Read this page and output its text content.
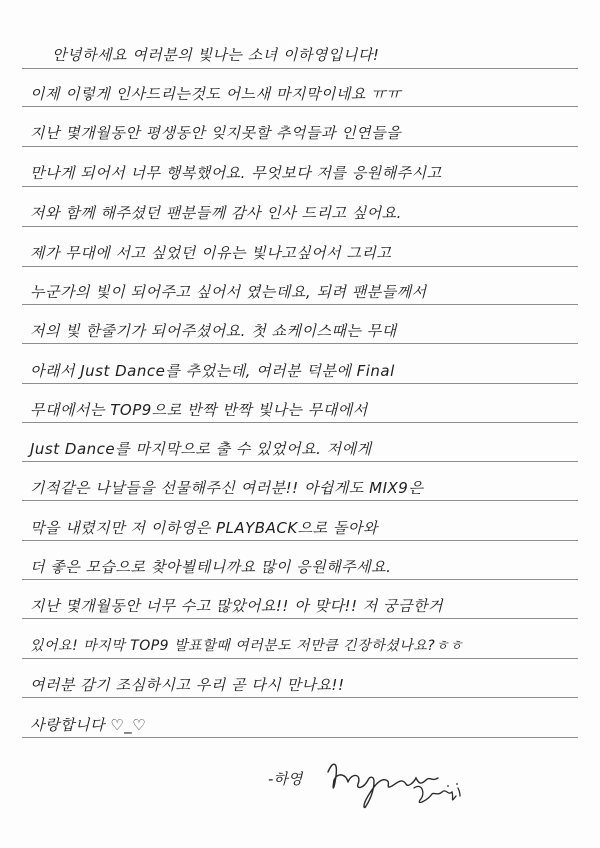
안녕하세요 여러분의 빛나는 소녀 이하영입니다!
이제 이렇게 인사드리는것도 어느새 마지막이네요 ㅠㅠ
지난 몇개월동안 평생동안 잊지못할 추억들과 인연들을
만나게 되어서 너무 행복했어요. 무엇보다 저를 응원해주시고
저와 함께 해주셨던 팬분들께 감사 인사 드리고 싶어요.
제가 무대에 서고 싶었던 이유는 빛나고싶어서 그리고
누군가의 빛이 되어주고 싶어서 였는데요, 되려 팬분들께서
저의 빛 한줄기가 되어주셨어요. 첫 쇼케이스때는 무대
아래서 Just Dance를 추었는데, 여러분 덕분에 Final
무대에서는 TOP9으로 반짝 반짝 빛나는 무대에서
Just Dance를 마지막으로 출 수 있었어요. 저에게
기적같은 나날들을 선물해주신 여러분!! 아쉽게도 MIX9은
막을 내렸지만 저 이하영은 PLAYBACK으로 돌아와
더 좋은 모습으로 찾아뵐테니까요 많이 응원해주세요.
지난 몇개월동안 너무 수고 많았어요!! 아 맞다!! 저 궁금한거
있어요! 마지막 TOP9 발표할때 여러분도 저만큼 긴장하셨나요?ㅎㅎ
여러분 감기 조심하시고 우리 곧 다시 만나요!!
사랑합니다 ♡_♡
-하영
